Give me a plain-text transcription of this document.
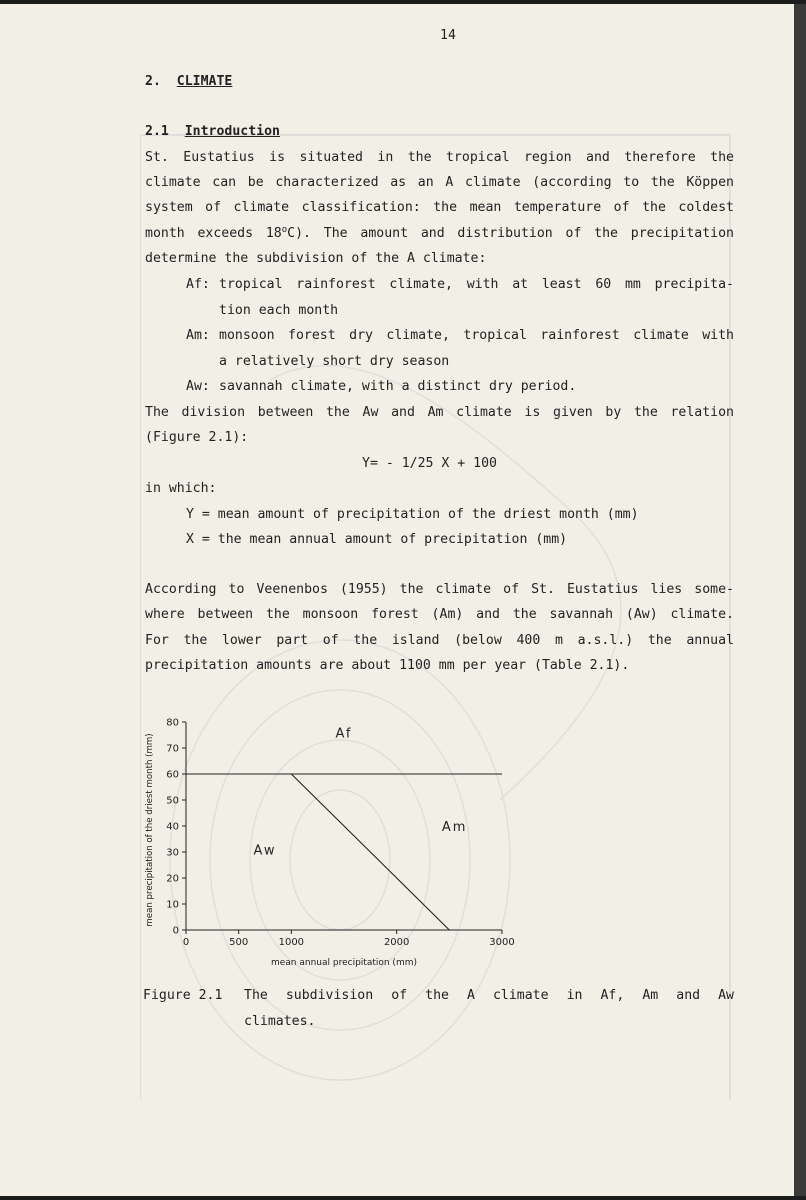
14
2. CLIMATE
2.1 Introduction
St. Eustatius is situated in the tropical region and therefore the
climate can be characterized as an A climate (according to the Köppen
system of climate classification: the mean temperature of the coldest
month exceeds 18$^o$C). The amount and distribution of the precipitation
determine the subdivision of the A climate:
Af: tropical rainforest climate, with at least 60 mm precipita-
tion each month
Am: monsoon forest dry climate, tropical rainforest climate with
a relatively short dry season
Aw: savannah climate, with a distinct dry period.
The division between the Aw and Am climate is given by the relation
(Figure 2.1):
Y= - 1/25 X + 100
in which:
Y = mean amount of precipitation of the driest month (mm)
X = the mean annual amount of precipitation (mm)
According to Veenenbos (1955) the climate of St. Eustatius lies some-
where between the monsoon forest (Am) and the savannah (Aw) climate.
For the lower part of the island (below 400 m a.s.l.) the annual
precipitation amounts are about 1100 mm per year (Table 2.1).
0
10
20
30
40
50
60
70
80
0	500	1000	2000	3000
Af
Am
Aw
mean annual precipitation (mm)
mean precipitation of the driest month (mm)
Figure 2.1 The subdivision of the A climate in Af, Am and Aw
climates.
